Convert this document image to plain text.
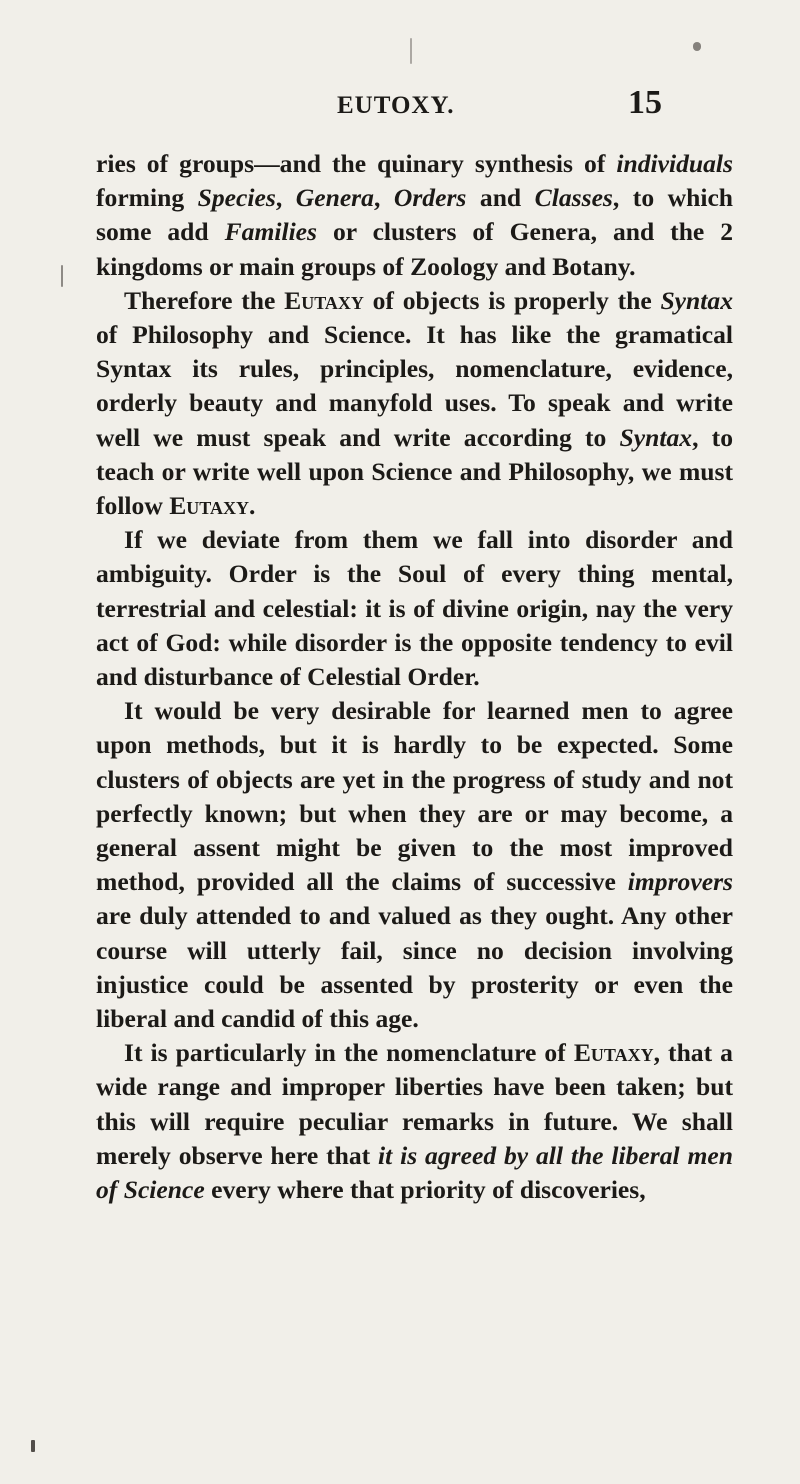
EUTOXY.	15

ries of groups—and the quinary synthesis of individuals forming Species, Genera, Orders and Classes, to which some add Families or clusters of Genera, and the 2 kingdoms or main groups of Zoology and Botany.

Therefore the Eutaxy of objects is properly the Syntax of Philosophy and Science. It has like the gramatical Syntax its rules, principles, nomenclature, evidence, orderly beauty and manyfold uses. To speak and write well we must speak and write according to Syntax, to teach or write well upon Science and Philosophy, we must follow Eutaxy.

If we deviate from them we fall into disorder and ambiguity. Order is the Soul of every thing mental, terrestrial and celestial: it is of divine origin, nay the very act of God: while disorder is the opposite tendency to evil and disturbance of Celestial Order.

It would be very desirable for learned men to agree upon methods, but it is hardly to be expected. Some clusters of objects are yet in the progress of study and not perfectly known; but when they are or may become, a general assent might be given to the most improved method, provided all the claims of successive improvers are duly attended to and valued as they ought. Any other course will utterly fail, since no decision involving injustice could be assented by prosterity or even the liberal and candid of this age.

It is particularly in the nomenclature of Eutaxy, that a wide range and improper liberties have been taken; but this will require peculiar remarks in future. We shall merely observe here that it is agreed by all the liberal men of Science every where that priority of discoveries,
